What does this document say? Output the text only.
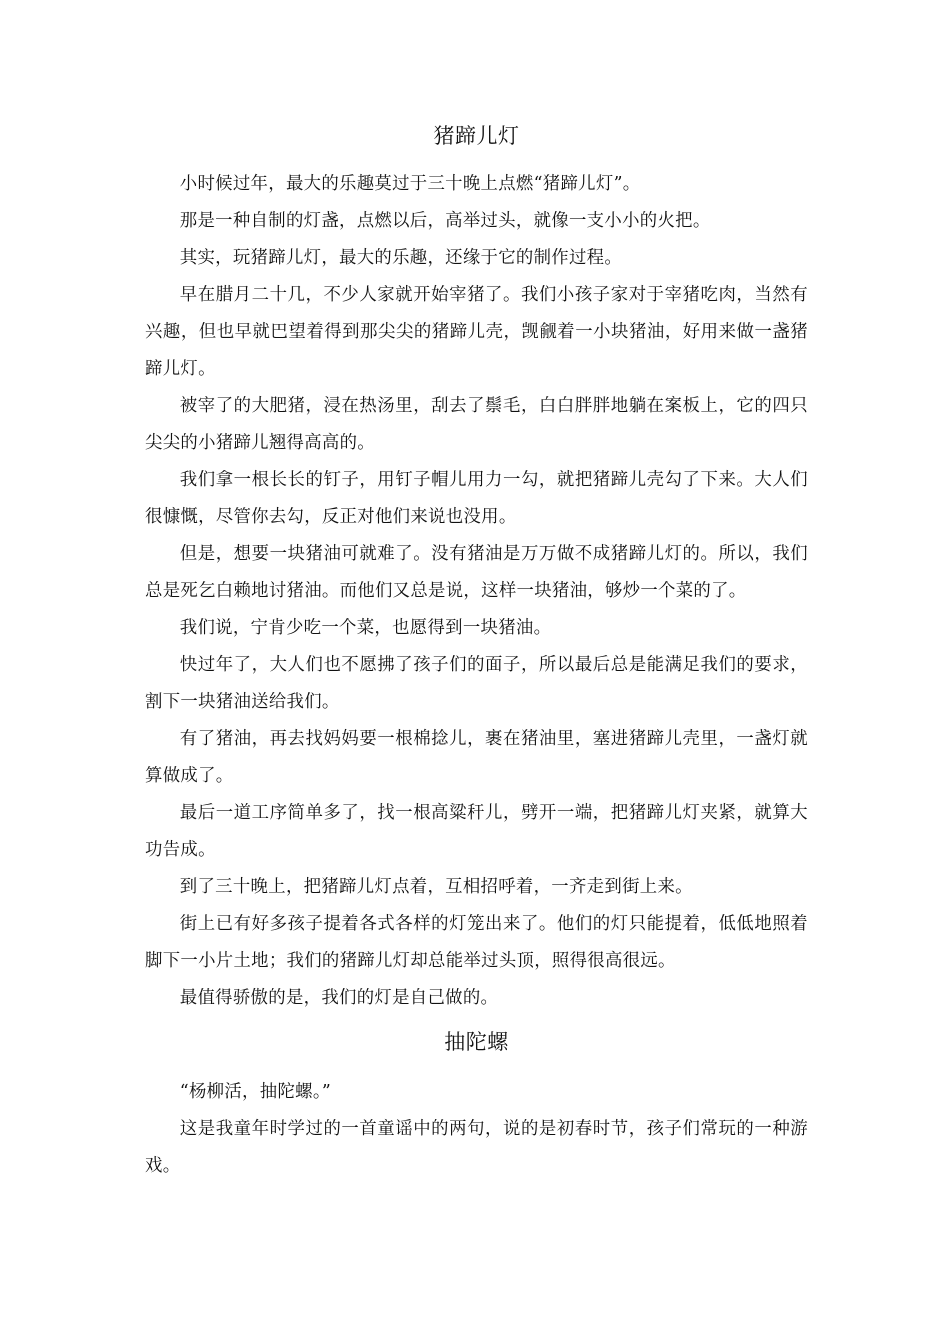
猪蹄儿灯

小时候过年，最大的乐趣莫过于三十晚上点燃“猪蹄儿灯”。

那是一种自制的灯盏，点燃以后，高举过头，就像一支小小的火把。

其实，玩猪蹄儿灯，最大的乐趣，还缘于它的制作过程。

早在腊月二十几，不少人家就开始宰猪了。我们小孩子家对于宰猪吃肉，当然有兴趣，但也早就巴望着得到那尖尖的猪蹄儿壳，觊觎着一小块猪油，好用来做一盏猪蹄儿灯。

被宰了的大肥猪，浸在热汤里，刮去了鬃毛，白白胖胖地躺在案板上，它的四只尖尖的小猪蹄儿翘得高高的。

我们拿一根长长的钉子，用钉子帽儿用力一勾，就把猪蹄儿壳勾了下来。大人们很慷慨，尽管你去勾，反正对他们来说也没用。

但是，想要一块猪油可就难了。没有猪油是万万做不成猪蹄儿灯的。所以，我们总是死乞白赖地讨猪油。而他们又总是说，这样一块猪油，够炒一个菜的了。

我们说，宁肯少吃一个菜，也愿得到一块猪油。

快过年了，大人们也不愿拂了孩子们的面子，所以最后总是能满足我们的要求，割下一块猪油送给我们。

有了猪油，再去找妈妈要一根棉捻儿，裹在猪油里，塞进猪蹄儿壳里，一盏灯就算做成了。

最后一道工序简单多了，找一根高粱秆儿，劈开一端，把猪蹄儿灯夹紧，就算大功告成。

到了三十晚上，把猪蹄儿灯点着，互相招呼着，一齐走到街上来。

街上已有好多孩子提着各式各样的灯笼出来了。他们的灯只能提着，低低地照着脚下一小片土地；我们的猪蹄儿灯却总能举过头顶，照得很高很远。

最值得骄傲的是，我们的灯是自己做的。

抽陀螺

“杨柳活，抽陀螺。”

这是我童年时学过的一首童谣中的两句，说的是初春时节，孩子们常玩的一种游戏。
